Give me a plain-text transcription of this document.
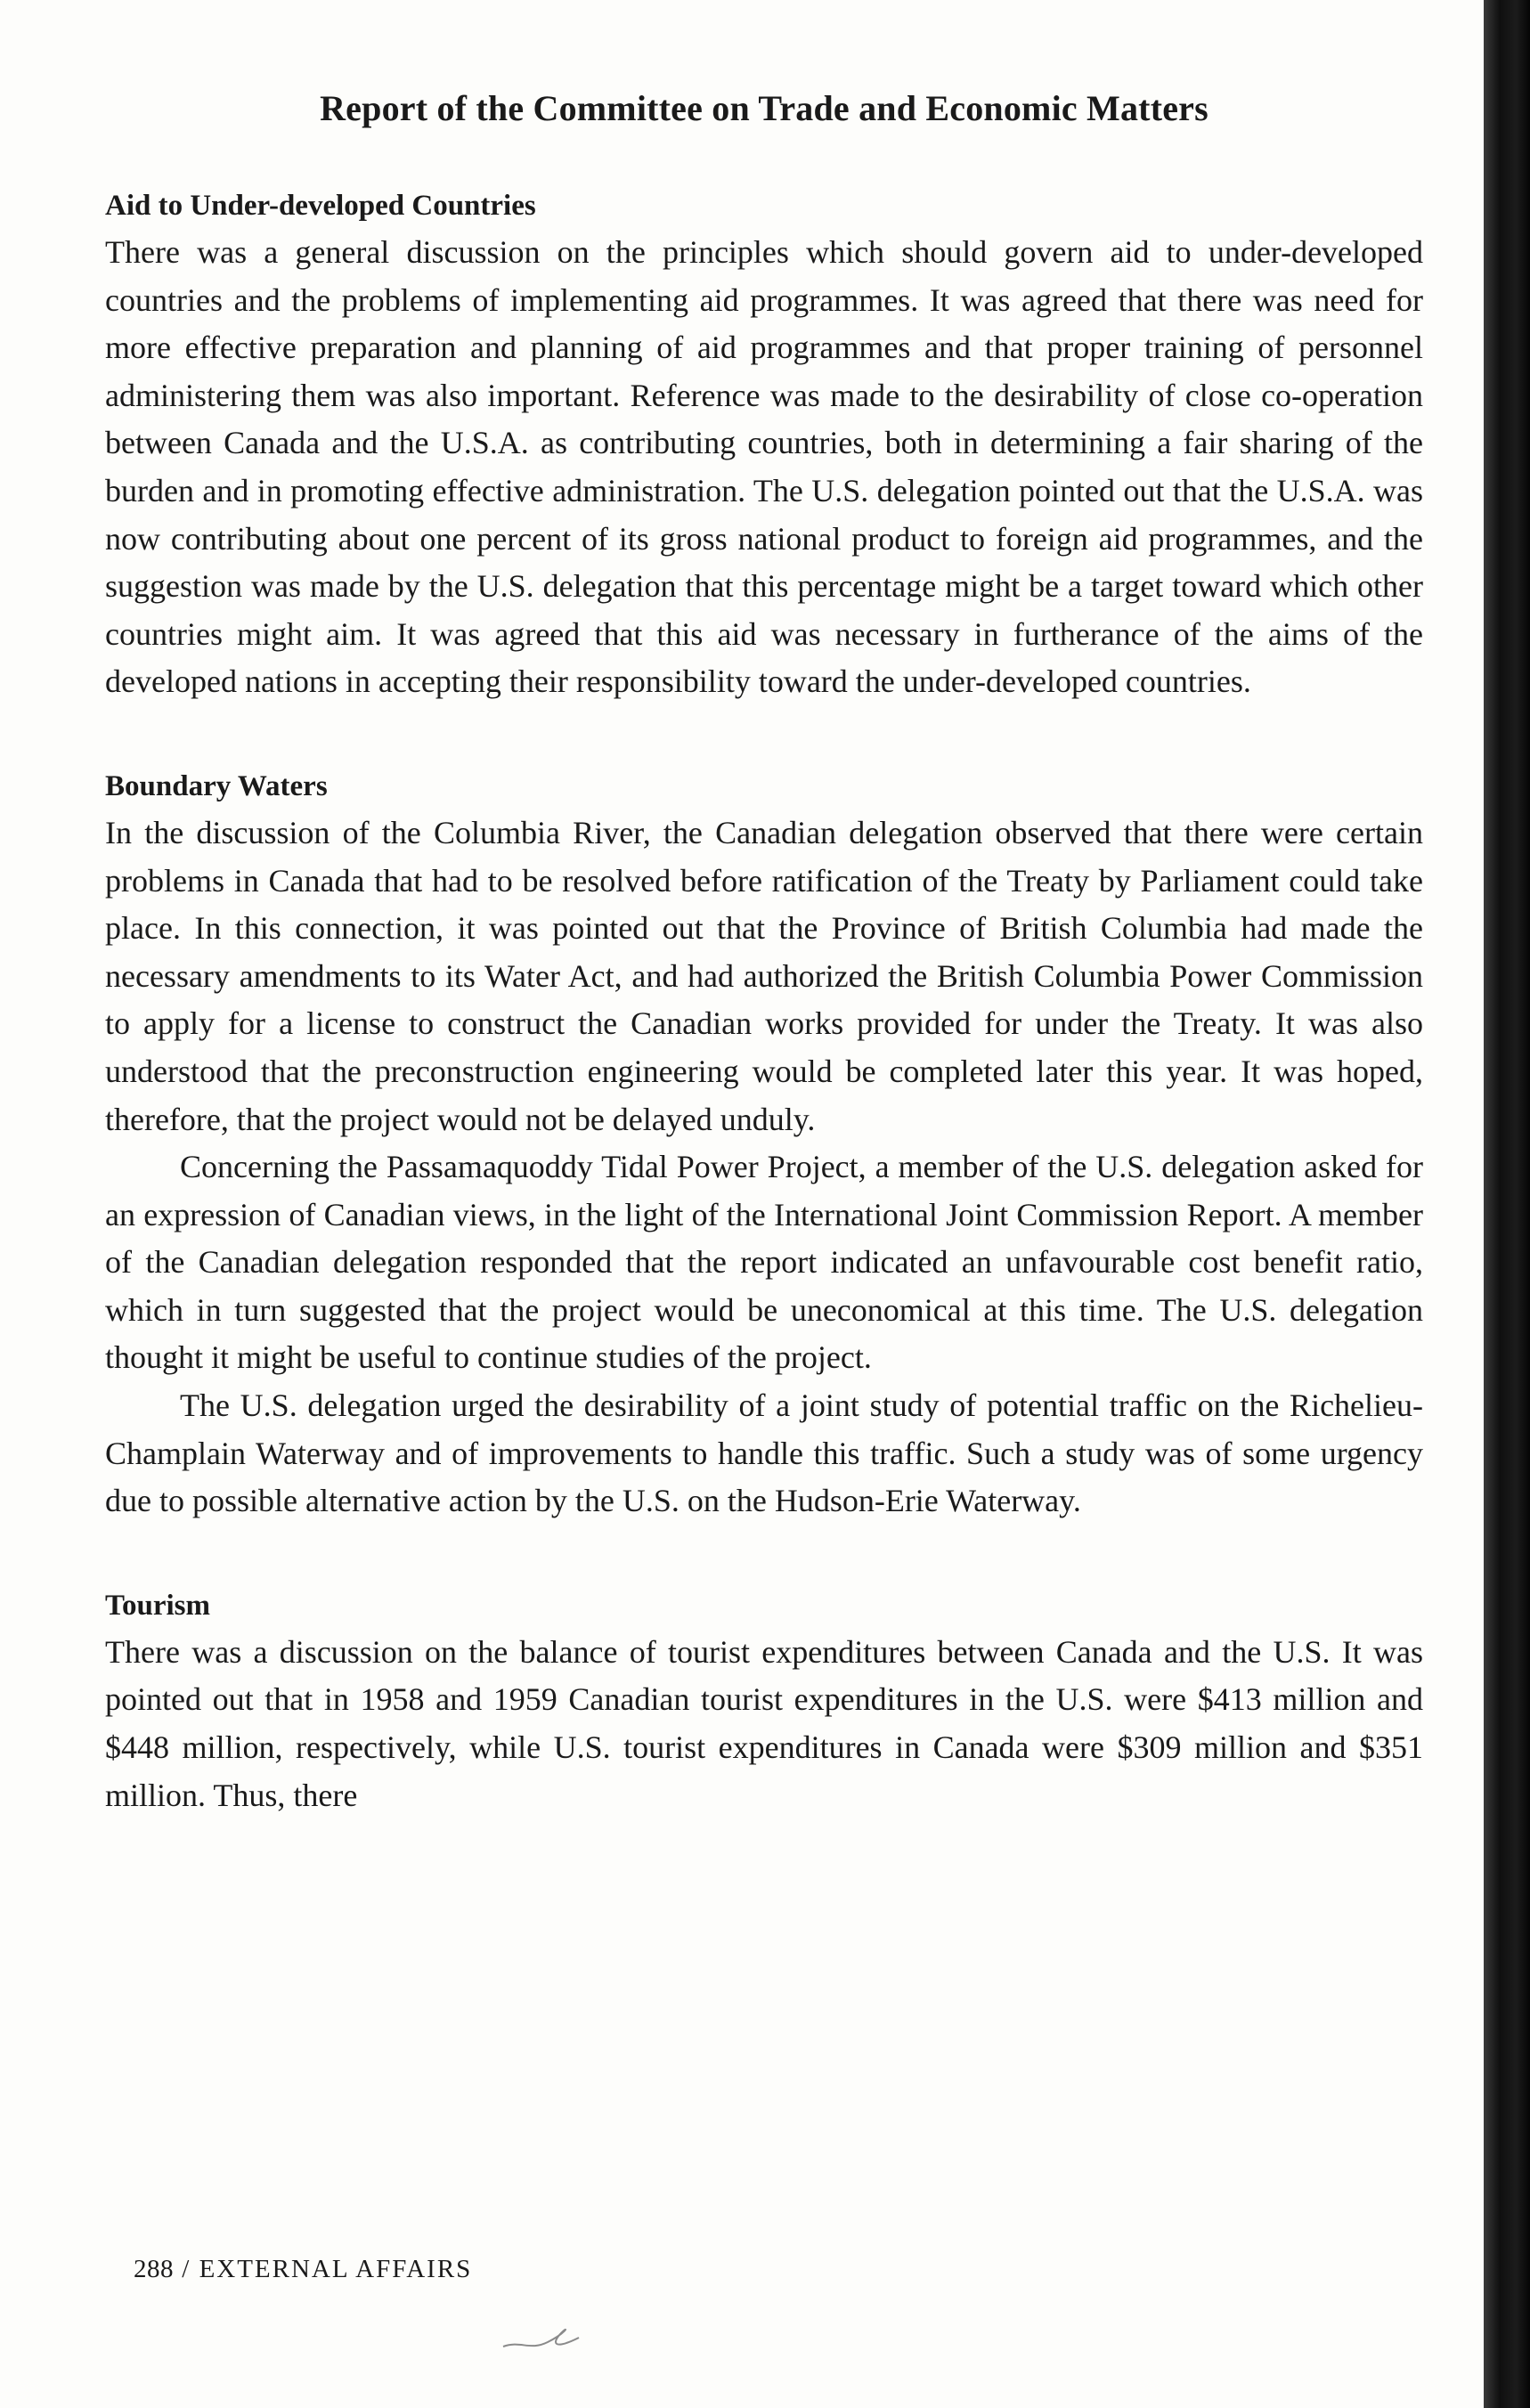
Report of the Committee on Trade and Economic Matters
Aid to Under-developed Countries

There was a general discussion on the principles which should govern aid to under-developed countries and the problems of implementing aid programmes. It was agreed that there was need for more effective preparation and planning of aid programmes and that proper training of personnel administering them was also important. Reference was made to the desirability of close co-operation between Canada and the U.S.A. as contributing countries, both in determining a fair sharing of the burden and in promoting effective administration. The U.S. delegation pointed out that the U.S.A. was now contributing about one percent of its gross national product to foreign aid programmes, and the suggestion was made by the U.S. delegation that this percentage might be a target toward which other countries might aim. It was agreed that this aid was necessary in furtherance of the aims of the developed nations in accepting their responsibility toward the under-developed countries.

Boundary Waters

In the discussion of the Columbia River, the Canadian delegation observed that there were certain problems in Canada that had to be resolved before ratification of the Treaty by Parliament could take place. In this connection, it was pointed out that the Province of British Columbia had made the necessary amendments to its Water Act, and had authorized the British Columbia Power Commission to apply for a license to construct the Canadian works provided for under the Treaty. It was also understood that the preconstruction engineering would be completed later this year. It was hoped, therefore, that the project would not be delayed unduly.

Concerning the Passamaquoddy Tidal Power Project, a member of the U.S. delegation asked for an expression of Canadian views, in the light of the International Joint Commission Report. A member of the Canadian delegation responded that the report indicated an unfavourable cost benefit ratio, which in turn suggested that the project would be uneconomical at this time. The U.S. delegation thought it might be useful to continue studies of the project.

The U.S. delegation urged the desirability of a joint study of potential traffic on the Richelieu-Champlain Waterway and of improvements to handle this traffic. Such a study was of some urgency due to possible alternative action by the U.S. on the Hudson-Erie Waterway.

Tourism

There was a discussion on the balance of tourist expenditures between Canada and the U.S. It was pointed out that in 1958 and 1959 Canadian tourist expenditures in the U.S. were $413 million and $448 million, respectively, while U.S. tourist expenditures in Canada were $309 million and $351 million. Thus, there

288 / EXTERNAL AFFAIRS
